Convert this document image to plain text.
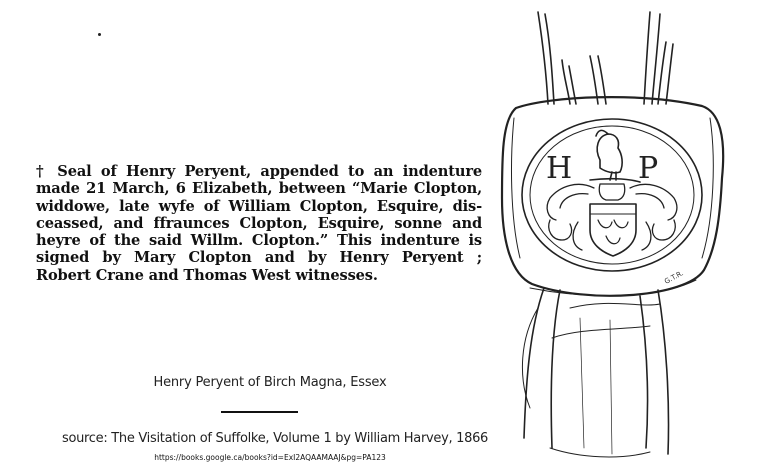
† Seal of Henry Peryent, appended to an indenture
made 21 March, 6 Elizabeth, between “Marie Clopton,
widdowe, late wyfe of William Clopton, Esquire, dis-
ceassed, and ffraunces Clopton, Esquire, sonne and
heyre of the said Willm. Clopton.” This indenture is
signed by Mary Clopton and by Henry Peryent ;
Robert Crane and Thomas West witnesses.
Henry Peryent of Birch Magna, Essex
source: The Visitation of Suffolke, Volume 1 by William Harvey, 1866
https://books.google.ca/books?id=ExI2AQAAMAAJ&pg=PA123
H P
G.T.R.
